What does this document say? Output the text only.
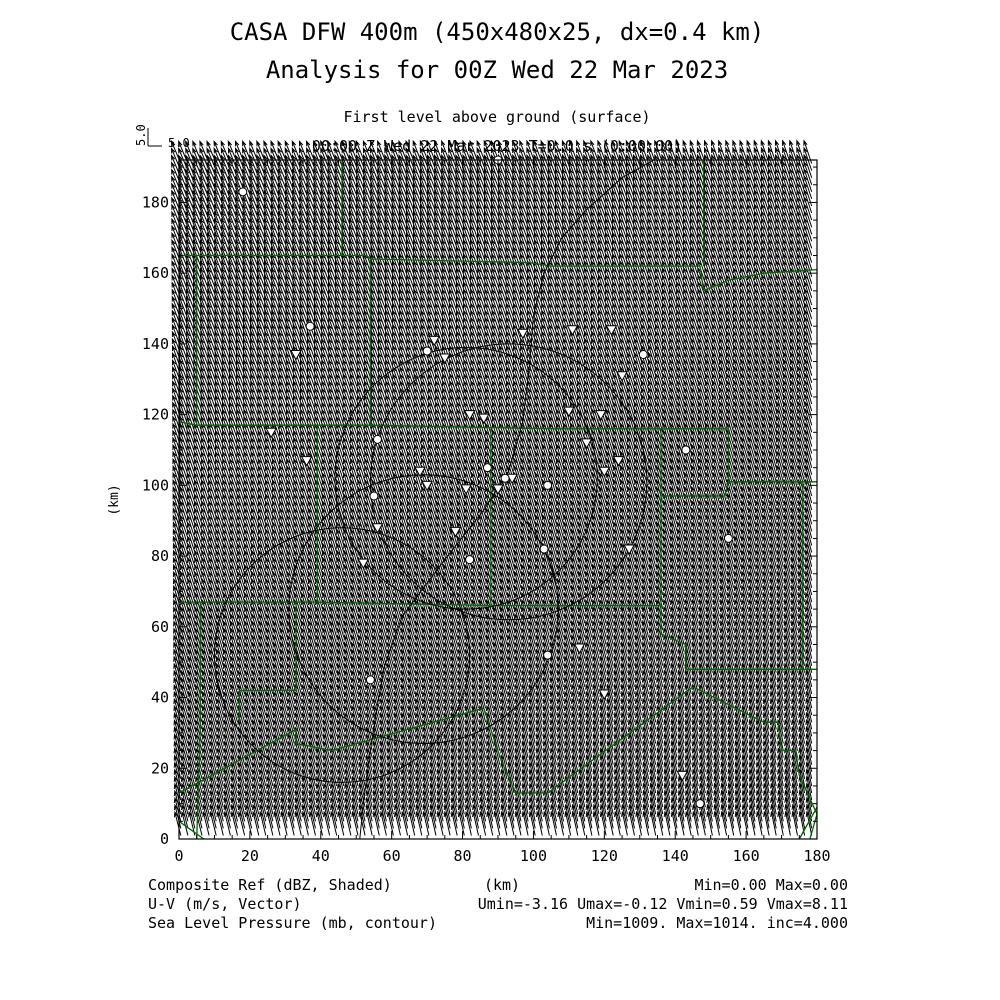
CASA DFW 400m (450x480x25, dx=0.4 km)
Analysis for 00Z Wed 22 Mar 2023
First level above ground (surface)
00:00 Z Wed 22 Mar 2023 T=0.0 s (0:00:00)
5.0
5.0
0	20	40	60	80	100	120	140	160	180
0
20
40
60
80
100
120
140
160
180
(km)
Composite Ref (dBZ, Shaded)
U-V (m/s, Vector)
Sea Level Pressure (mb, contour)
(km)	Min=0.00 Max=0.00
Umin=-3.16 Umax=-0.12 Vmin=0.59 Vmax=8.11
Min=1009. Max=1014. inc=4.000
